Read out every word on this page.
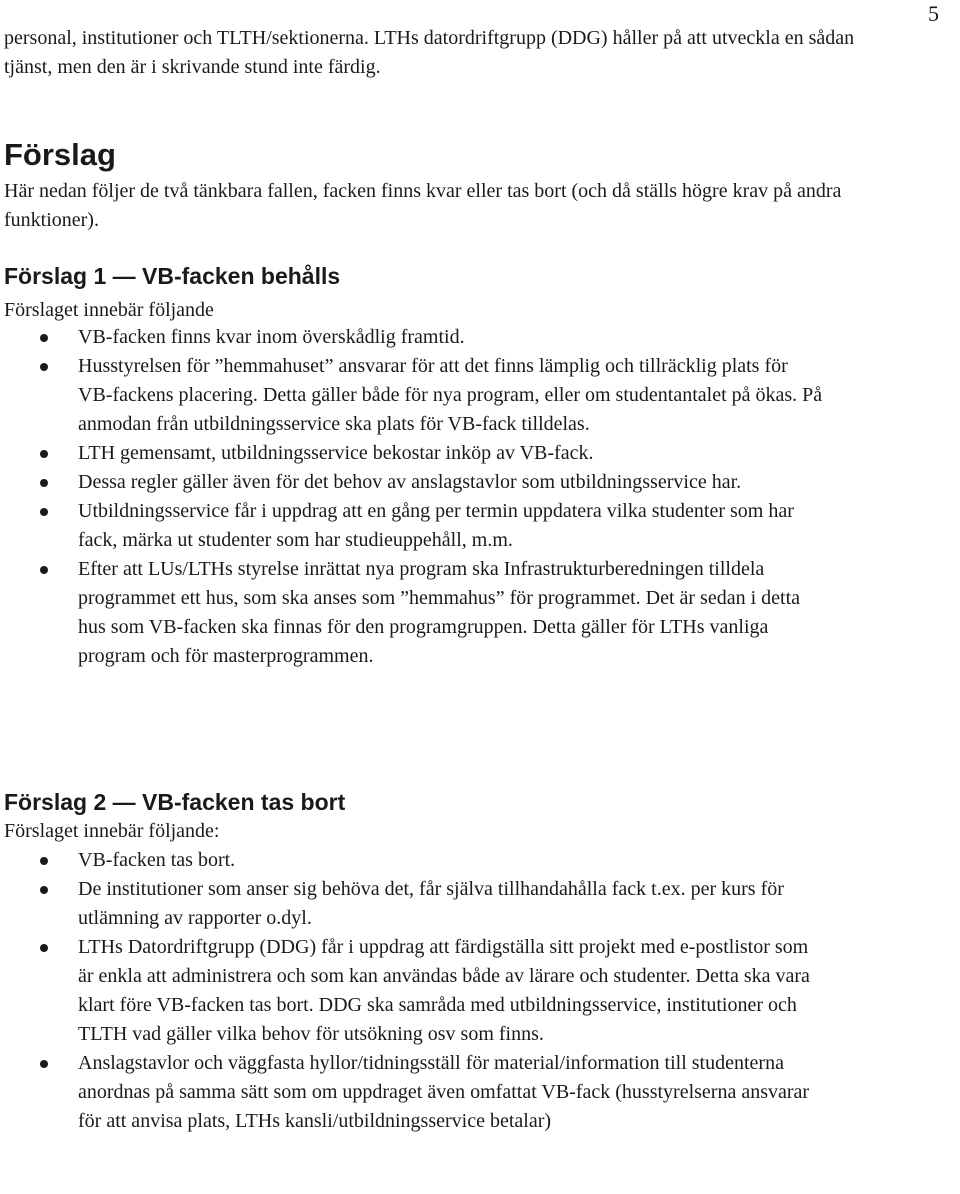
5

personal, institutioner och TLTH/sektionerna. LTHs datordriftgrupp (DDG) håller på att utveckla en sådan tjänst, men den är i skrivande stund inte färdig.

Förslag

Här nedan följer de två tänkbara fallen, facken finns kvar eller tas bort (och då ställs högre krav på andra funktioner).

Förslag 1 — VB-facken behålls

Förslaget innebär följande

VB-facken finns kvar inom överskådlig framtid.
Husstyrelsen för ”hemmahuset” ansvarar för att det finns lämplig och tillräcklig plats för VB-fackens placering. Detta gäller både för nya program, eller om studentantalet på ökas. På anmodan från utbildningsservice ska plats för VB-fack tilldelas.
LTH gemensamt, utbildningsservice bekostar inköp av VB-fack.
Dessa regler gäller även för det behov av anslagstavlor som utbildningsservice har.
Utbildningsservice får i uppdrag att en gång per termin uppdatera vilka studenter som har fack, märka ut studenter som har studieuppehåll, m.m.
Efter att LUs/LTHs styrelse inrättat nya program ska Infrastrukturberedningen tilldela programmet ett hus, som ska anses som ”hemmahus” för programmet. Det är sedan i detta hus som VB-facken ska finnas för den programgruppen. Detta gäller för LTHs vanliga program och för masterprogrammen.
Förslag 2 — VB-facken tas bort

Förslaget innebär följande:

VB-facken tas bort.
De institutioner som anser sig behöva det, får själva tillhandahålla fack t.ex. per kurs för utlämning av rapporter o.dyl.
LTHs Datordriftgrupp (DDG) får i uppdrag att färdigställa sitt projekt med e-postlistor som är enkla att administrera och som kan användas både av lärare och studenter. Detta ska vara klart före VB-facken tas bort. DDG ska samråda med utbildningsservice, institutioner och TLTH vad gäller vilka behov för utsökning osv som finns.
Anslagstavlor och väggfasta hyllor/tidningsställ för material/information till studenterna anordnas på samma sätt som om uppdraget även omfattat VB-fack (husstyrelserna ansvarar för att anvisa plats, LTHs kansli/utbildningsservice betalar)
